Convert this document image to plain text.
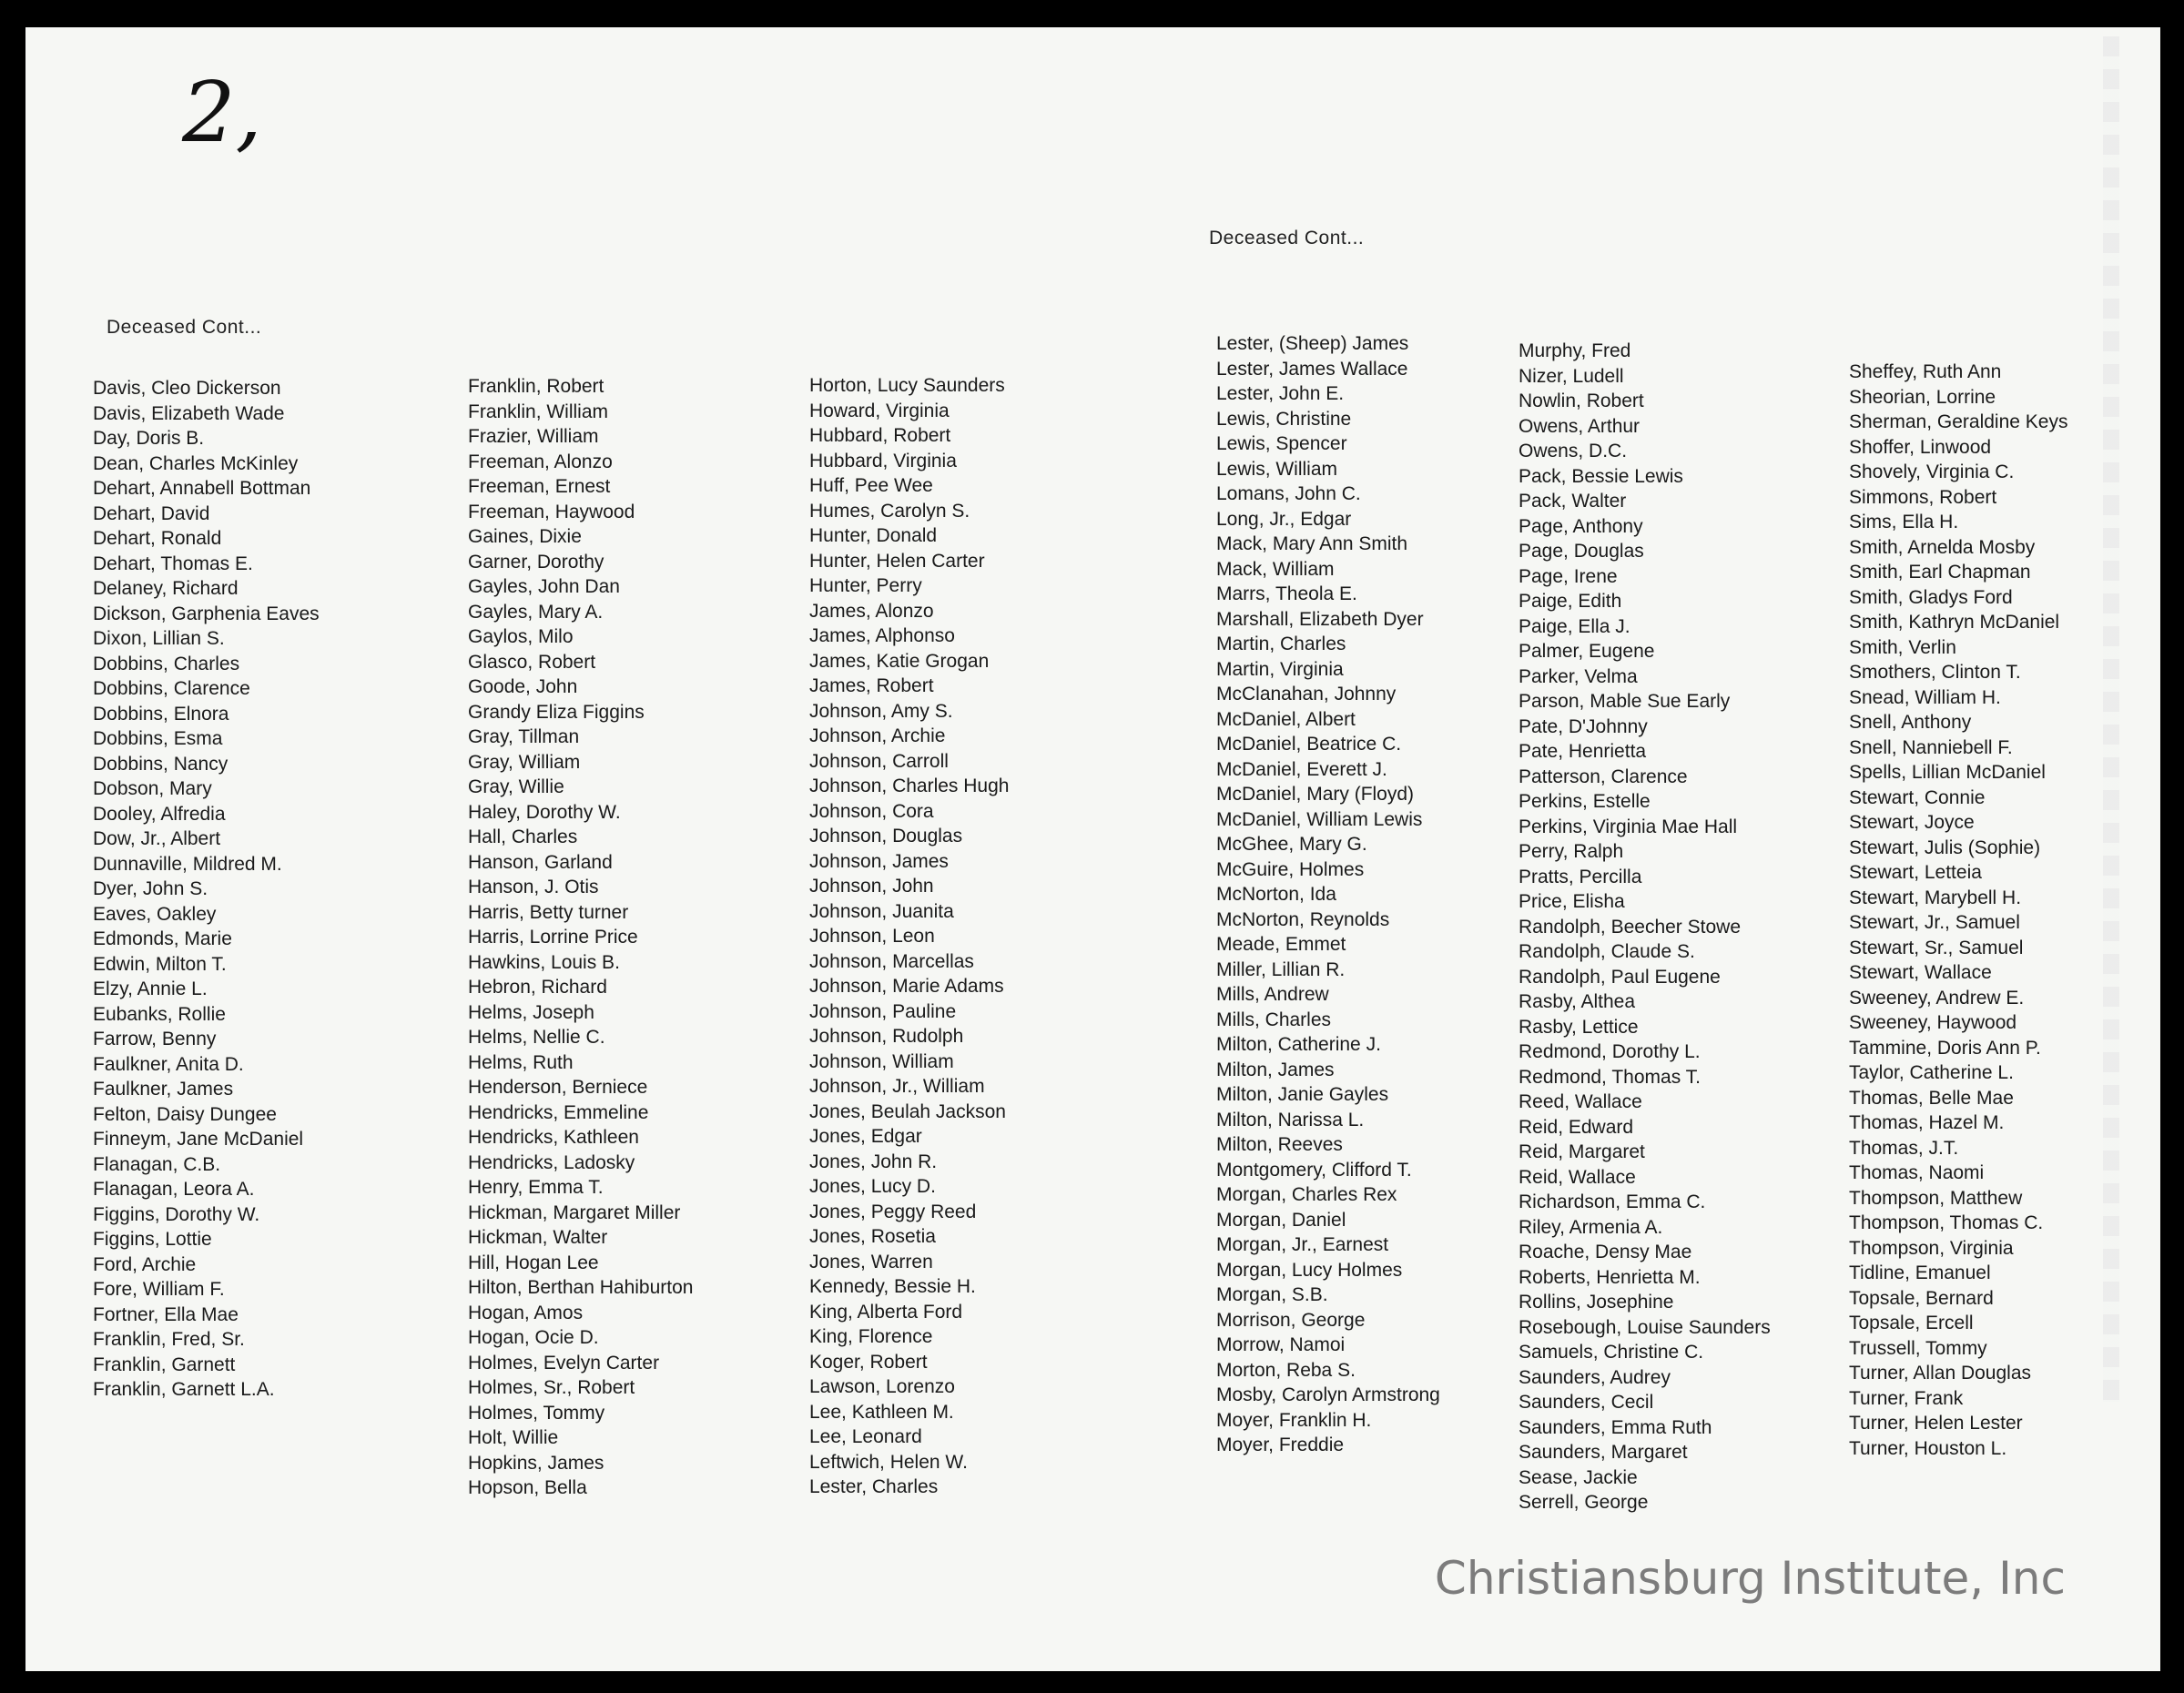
2,
Deceased Cont...
Deceased Cont...
Davis, Cleo Dickerson
Davis, Elizabeth Wade
Day, Doris B.
Dean, Charles McKinley
Dehart, Annabell Bottman
Dehart, David
Dehart, Ronald
Dehart, Thomas E.
Delaney, Richard
Dickson, Garphenia Eaves
Dixon, Lillian S.
Dobbins, Charles
Dobbins, Clarence
Dobbins, Elnora
Dobbins, Esma
Dobbins, Nancy
Dobson, Mary
Dooley, Alfredia
Dow, Jr., Albert
Dunnaville, Mildred M.
Dyer, John S.
Eaves, Oakley
Edmonds, Marie
Edwin, Milton T.
Elzy, Annie L.
Eubanks, Rollie
Farrow, Benny
Faulkner, Anita D.
Faulkner, James
Felton, Daisy Dungee
Finneym, Jane McDaniel
Flanagan, C.B.
Flanagan, Leora A.
Figgins, Dorothy W.
Figgins, Lottie
Ford, Archie
Fore, William F.
Fortner, Ella Mae
Franklin, Fred, Sr.
Franklin, Garnett
Franklin, Garnett L.A.
Franklin, Robert
Franklin, William
Frazier, William
Freeman, Alonzo
Freeman, Ernest
Freeman, Haywood
Gaines, Dixie
Garner, Dorothy
Gayles, John Dan
Gayles, Mary A.
Gaylos, Milo
Glasco, Robert
Goode, John
Grandy Eliza Figgins
Gray, Tillman
Gray, William
Gray, Willie
Haley, Dorothy W.
Hall, Charles
Hanson, Garland
Hanson, J. Otis
Harris, Betty turner
Harris, Lorrine Price
Hawkins, Louis B.
Hebron, Richard
Helms, Joseph
Helms, Nellie C.
Helms, Ruth
Henderson, Berniece
Hendricks, Emmeline
Hendricks, Kathleen
Hendricks, Ladosky
Henry, Emma T.
Hickman, Margaret Miller
Hickman, Walter
Hill, Hogan Lee
Hilton, Berthan Hahiburton
Hogan, Amos
Hogan, Ocie D.
Holmes, Evelyn Carter
Holmes, Sr., Robert
Holmes, Tommy
Holt, Willie
Hopkins, James
Hopson, Bella
Horton, Lucy Saunders
Howard, Virginia
Hubbard, Robert
Hubbard, Virginia
Huff, Pee Wee
Humes, Carolyn S.
Hunter, Donald
Hunter, Helen Carter
Hunter, Perry
James, Alonzo
James, Alphonso
James, Katie Grogan
James, Robert
Johnson, Amy S.
Johnson, Archie
Johnson, Carroll
Johnson, Charles Hugh
Johnson, Cora
Johnson, Douglas
Johnson, James
Johnson, John
Johnson, Juanita
Johnson, Leon
Johnson, Marcellas
Johnson, Marie Adams
Johnson, Pauline
Johnson, Rudolph
Johnson, William
Johnson, Jr., William
Jones, Beulah Jackson
Jones, Edgar
Jones, John R.
Jones, Lucy D.
Jones, Peggy Reed
Jones, Rosetia
Jones, Warren
Kennedy, Bessie H.
King, Alberta Ford
King, Florence
Koger, Robert
Lawson, Lorenzo
Lee, Kathleen M.
Lee, Leonard
Leftwich, Helen W.
Lester, Charles
Lester, (Sheep) James
Lester, James Wallace
Lester, John E.
Lewis, Christine
Lewis, Spencer
Lewis, William
Lomans, John C.
Long, Jr., Edgar
Mack, Mary Ann Smith
Mack, William
Marrs, Theola E.
Marshall, Elizabeth Dyer
Martin, Charles
Martin, Virginia
McClanahan, Johnny
McDaniel, Albert
McDaniel, Beatrice C.
McDaniel, Everett J.
McDaniel, Mary (Floyd)
McDaniel, William Lewis
McGhee, Mary G.
McGuire, Holmes
McNorton, Ida
McNorton, Reynolds
Meade, Emmet
Miller, Lillian R.
Mills, Andrew
Mills, Charles
Milton, Catherine J.
Milton, James
Milton, Janie Gayles
Milton, Narissa L.
Milton, Reeves
Montgomery, Clifford T.
Morgan, Charles Rex
Morgan, Daniel
Morgan, Jr., Earnest
Morgan, Lucy Holmes
Morgan, S.B.
Morrison, George
Morrow, Namoi
Morton, Reba S.
Mosby, Carolyn Armstrong
Moyer, Franklin H.
Moyer, Freddie
Murphy, Fred
Nizer, Ludell
Nowlin, Robert
Owens, Arthur
Owens, D.C.
Pack, Bessie Lewis
Pack, Walter
Page, Anthony
Page, Douglas
Page, Irene
Paige, Edith
Paige, Ella J.
Palmer, Eugene
Parker, Velma
Parson, Mable Sue Early
Pate, D'Johnny
Pate, Henrietta
Patterson, Clarence
Perkins, Estelle
Perkins, Virginia Mae Hall
Perry, Ralph
Pratts, Percilla
Price, Elisha
Randolph, Beecher Stowe
Randolph, Claude S.
Randolph, Paul Eugene
Rasby, Althea
Rasby, Lettice
Redmond, Dorothy L.
Redmond, Thomas T.
Reed, Wallace
Reid, Edward
Reid, Margaret
Reid, Wallace
Richardson, Emma C.
Riley, Armenia A.
Roache, Densy Mae
Roberts, Henrietta M.
Rollins, Josephine
Rosebough, Louise Saunders
Samuels, Christine C.
Saunders, Audrey
Saunders, Cecil
Saunders, Emma Ruth
Saunders, Margaret
Sease, Jackie
Serrell, George
Sheffey, Ruth Ann
Sheorian, Lorrine
Sherman, Geraldine Keys
Shoffer, Linwood
Shovely, Virginia C.
Simmons, Robert
Sims, Ella H.
Smith, Arnelda Mosby
Smith, Earl Chapman
Smith, Gladys Ford
Smith, Kathryn McDaniel
Smith, Verlin
Smothers, Clinton T.
Snead, William H.
Snell, Anthony
Snell, Nanniebell F.
Spells, Lillian McDaniel
Stewart, Connie
Stewart, Joyce
Stewart, Julis (Sophie)
Stewart, Letteia
Stewart, Marybell H.
Stewart, Jr., Samuel
Stewart, Sr., Samuel
Stewart, Wallace
Sweeney, Andrew E.
Sweeney, Haywood
Tammine, Doris Ann P.
Taylor, Catherine L.
Thomas, Belle Mae
Thomas, Hazel M.
Thomas, J.T.
Thomas, Naomi
Thompson, Matthew
Thompson, Thomas C.
Thompson, Virginia
Tidline, Emanuel
Topsale, Bernard
Topsale, Ercell
Trussell, Tommy
Turner, Allan Douglas
Turner, Frank
Turner, Helen Lester
Turner, Houston L.
Christiansburg Institute, Inc
